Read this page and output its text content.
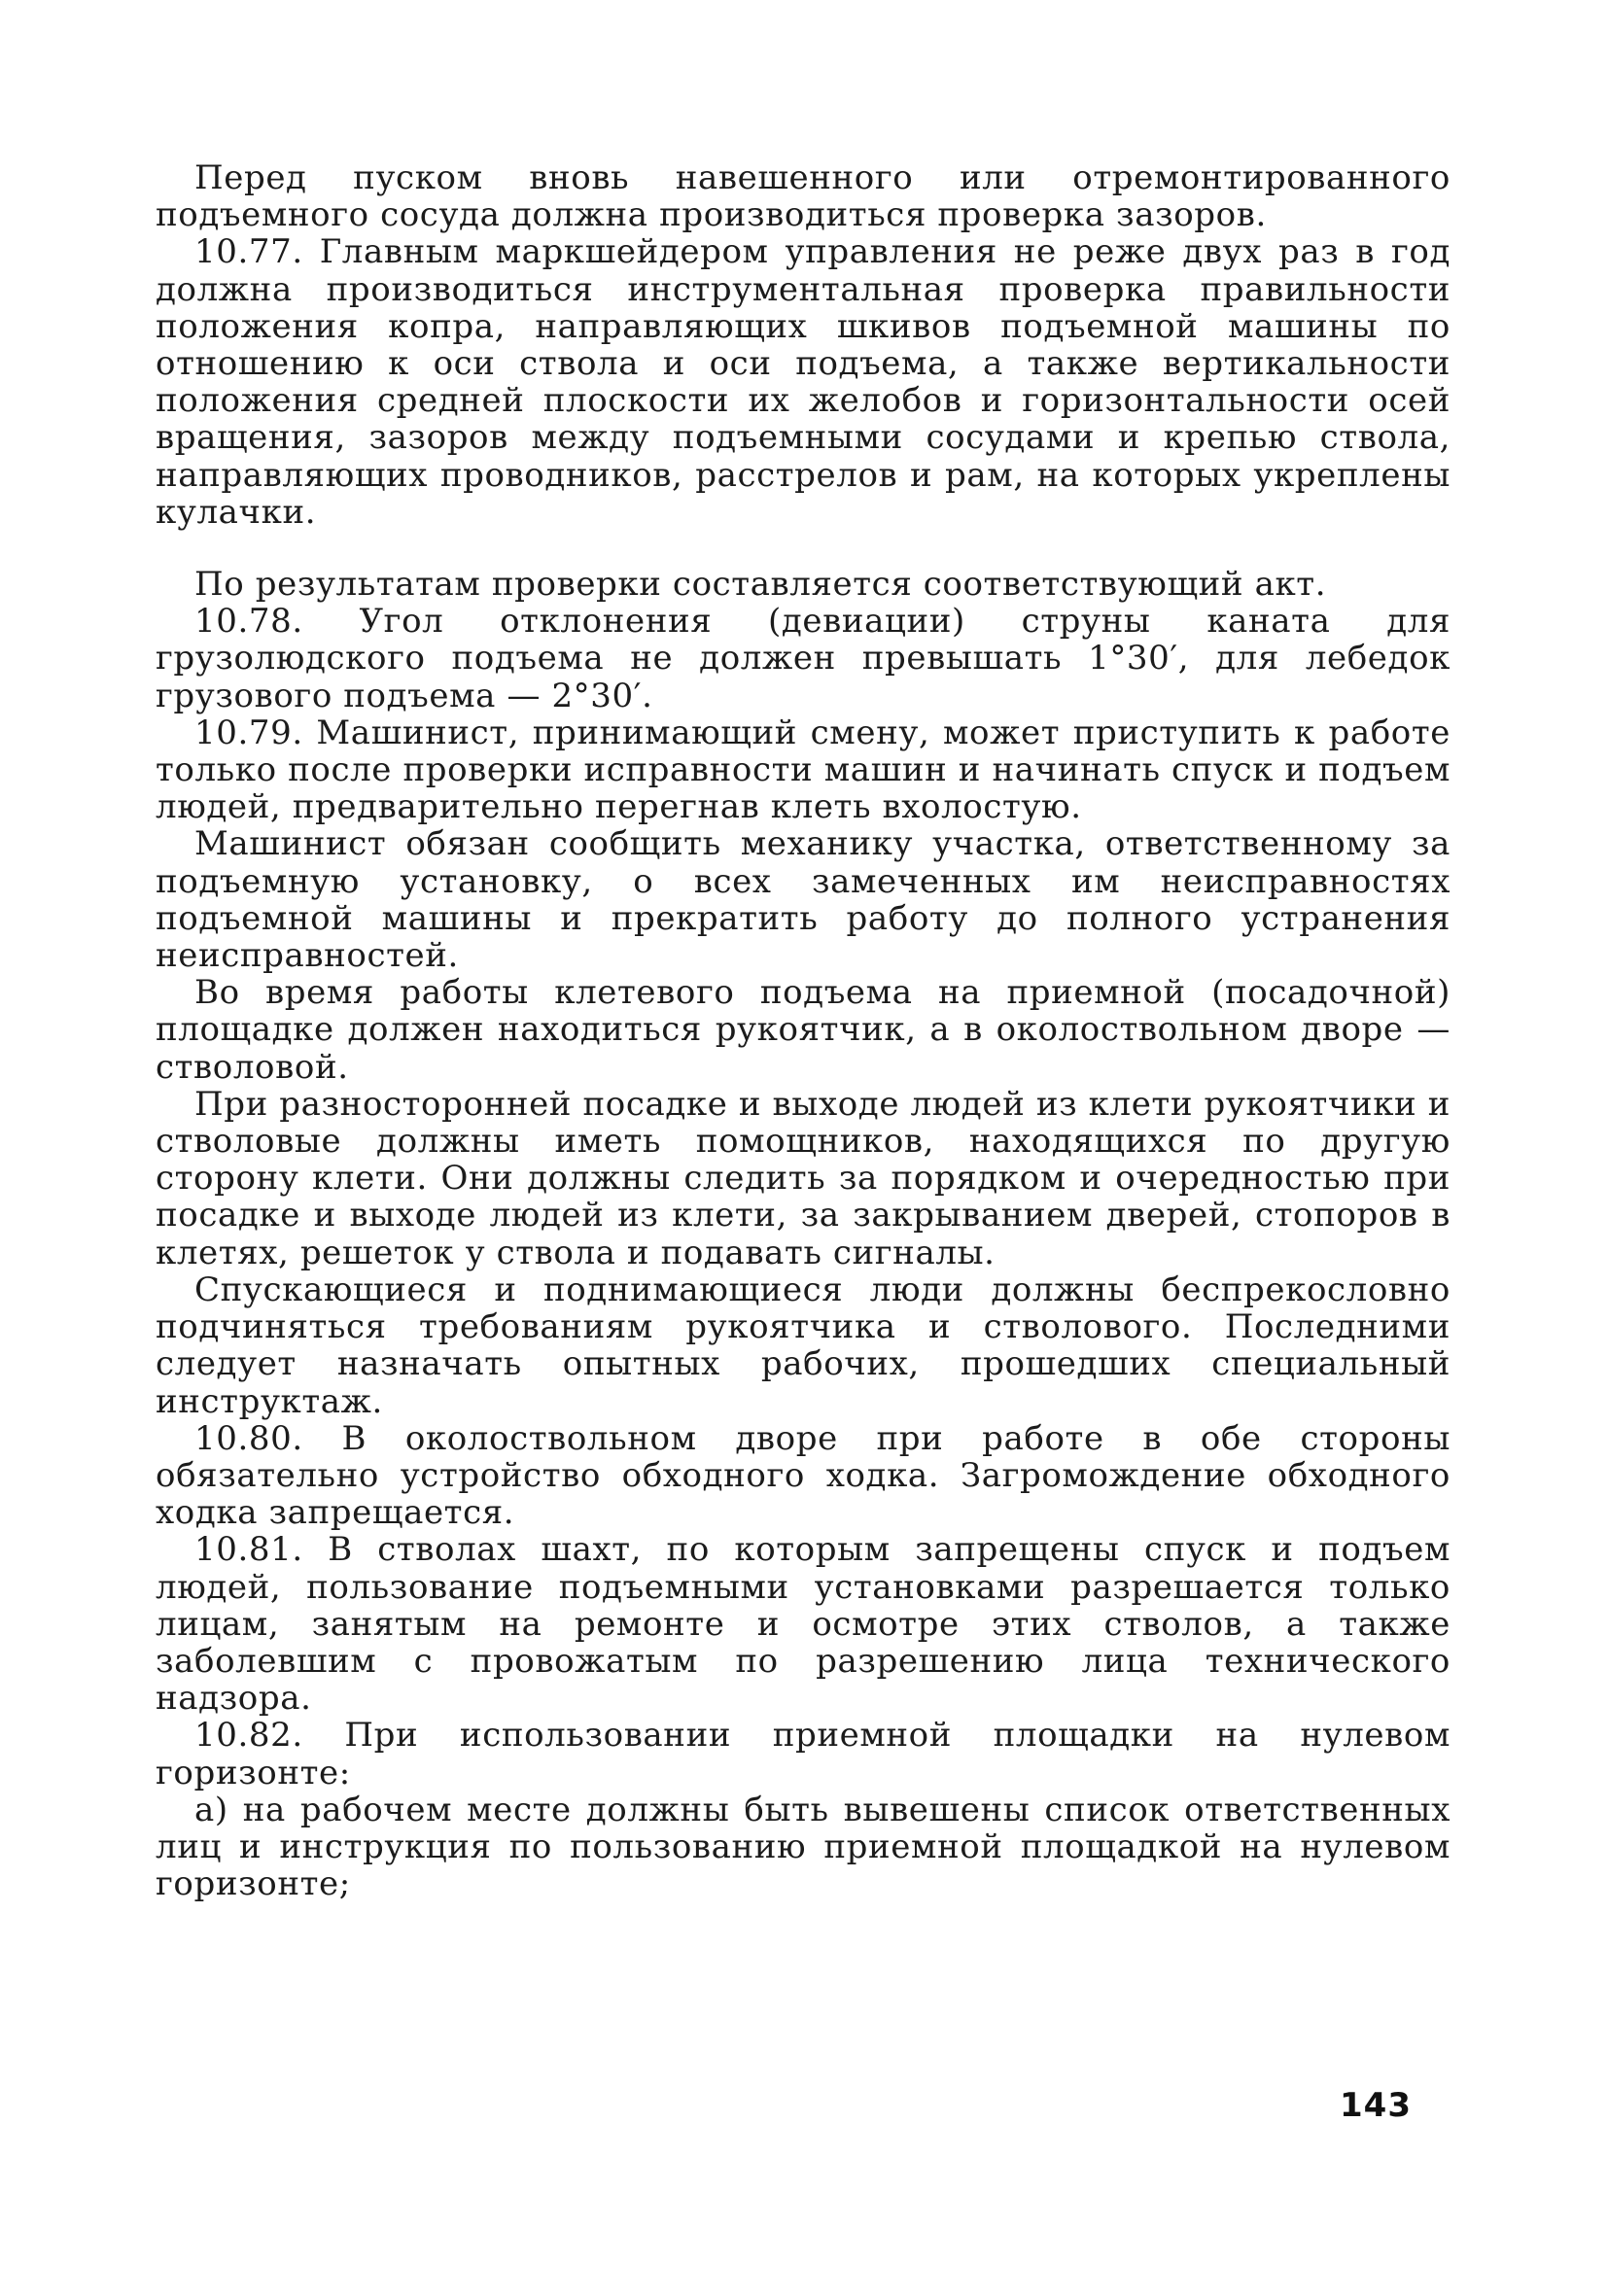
Перед пуском вновь навешенного или отремонтированного подъемного сосуда должна производиться проверка зазоров.

10.77. Главным маркшейдером управления не реже двух раз в год должна производиться инструментальная проверка правильности положения копра, направляющих шкивов подъемной машины по отношению к оси ствола и оси подъема, а также вертикальности положения средней плоскости их желобов и горизонтальности осей вращения, зазоров между подъемными сосудами и крепью ствола, направляющих проводников, расстрелов и рам, на которых укреплены кулачки.

По результатам проверки составляется соответствующий акт.

10.78. Угол отклонения (девиации) струны каната для грузолюдского подъема не должен превышать 1°30′, для лебедок грузового подъема — 2°30′.

10.79. Машинист, принимающий смену, может приступить к работе только после проверки исправности машин и начинать спуск и подъем людей, предварительно перегнав клеть вхолостую.

Машинист обязан сообщить механику участка, ответственному за подъемную установку, о всех замеченных им неисправностях подъемной машины и прекратить работу до полного устранения неисправностей.

Во время работы клетевого подъема на приемной (посадочной) площадке должен находиться рукоятчик, а в околоствольном дворе — стволовой.

При разносторонней посадке и выходе людей из клети рукоятчики и стволовые должны иметь помощников, находящихся по другую сторону клети. Они должны следить за порядком и очередностью при посадке и выходе людей из клети, за закрыванием дверей, стопоров в клетях, решеток у ствола и подавать сигналы.

Спускающиеся и поднимающиеся люди должны беспрекословно подчиняться требованиям рукоятчика и стволового. Последними следует назначать опытных рабочих, прошедших специальный инструктаж.

10.80. В околоствольном дворе при работе в обе стороны обязательно устройство обходного ходка. Загромождение обходного ходка запрещается.

10.81. В стволах шахт, по которым запрещены спуск и подъем людей, пользование подъемными установками разрешается только лицам, занятым на ремонте и осмотре этих стволов, а также заболевшим с провожатым по разрешению лица технического надзора.

10.82. При использовании приемной площадки на нулевом горизонте:

а) на рабочем месте должны быть вывешены список ответственных лиц и инструкция по пользованию приемной площадкой на нулевом горизонте;

143
